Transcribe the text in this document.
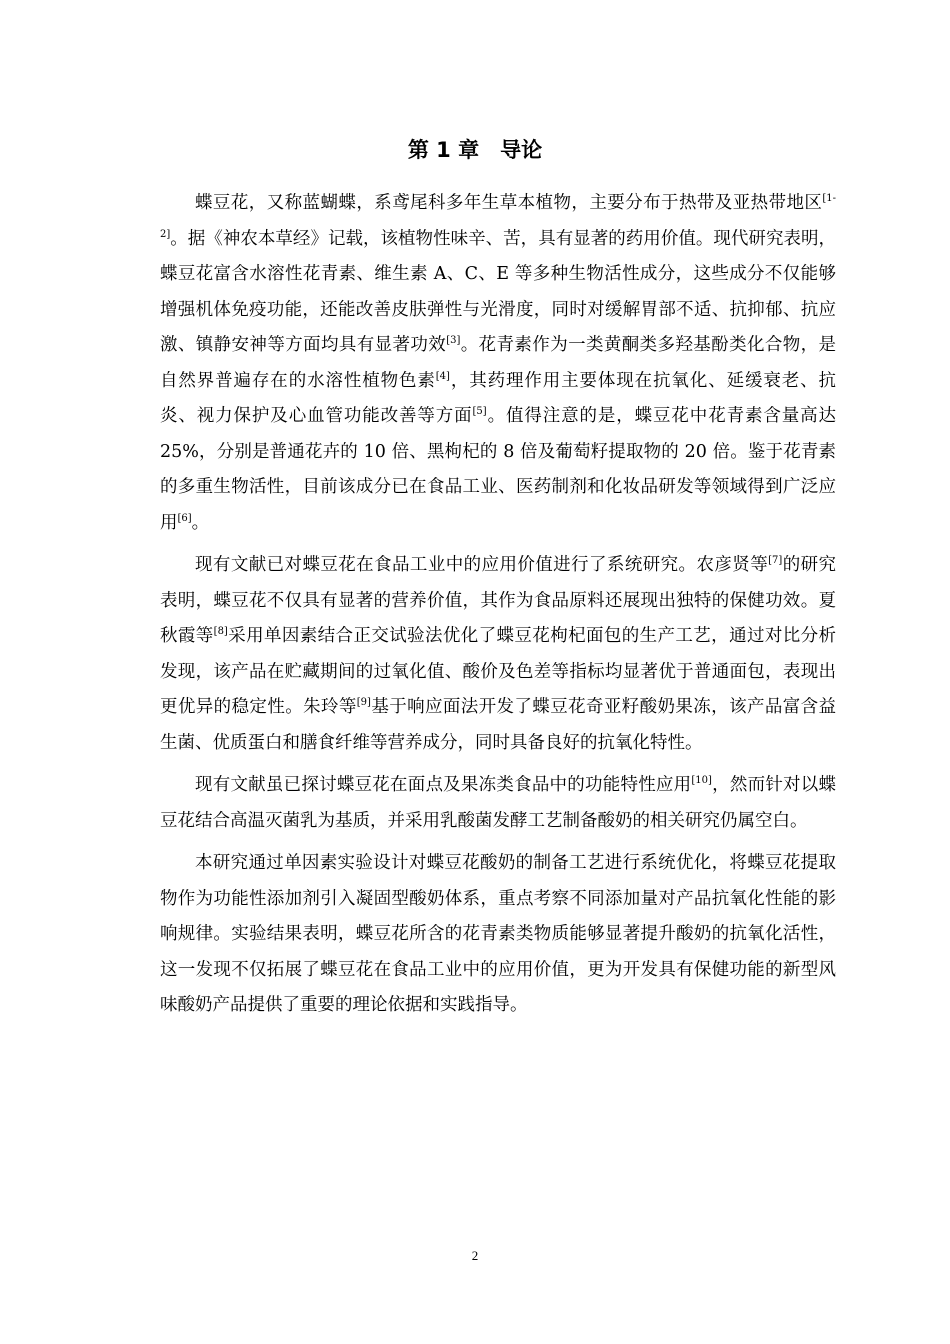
第 1 章　导论

蝶豆花，又称蓝蝴蝶，系鸢尾科多年生草本植物，主要分布于热带及亚热带地区[1- 2]。据《神农本草经》记载，该植物性味辛、苦，具有显著的药用价值。现代研究表明，蝶豆花富含水溶性花青素、维生素 A、C、E 等多种生物活性成分，这些成分不仅能够增强机体免疫功能，还能改善皮肤弹性与光滑度，同时对缓解胃部不适、抗抑郁、抗应激、镇静安神等方面均具有显著功效[3]。花青素作为一类黄酮类多羟基酚类化合物，是自然界普遍存在的水溶性植物色素[4]，其药理作用主要体现在抗氧化、延缓衰老、抗炎、视力保护及心血管功能改善等方面[5]。值得注意的是，蝶豆花中花青素含量高达 25%，分别是普通花卉的 10 倍、黑枸杞的 8 倍及葡萄籽提取物的 20 倍。鉴于花青素的多重生物活性，目前该成分已在食品工业、医药制剂和化妆品研发等领域得到广泛应用[6]。

现有文献已对蝶豆花在食品工业中的应用价值进行了系统研究。农彦贤等[7]的研究表明，蝶豆花不仅具有显著的营养价值，其作为食品原料还展现出独特的保健功效。夏秋霞等[8]采用单因素结合正交试验法优化了蝶豆花枸杞面包的生产工艺，通过对比分析发现，该产品在贮藏期间的过氧化值、酸价及色差等指标均显著优于普通面包，表现出更优异的稳定性。朱玲等[9]基于响应面法开发了蝶豆花奇亚籽酸奶果冻，该产品富含益生菌、优质蛋白和膳食纤维等营养成分，同时具备良好的抗氧化特性。

现有文献虽已探讨蝶豆花在面点及果冻类食品中的功能特性应用[10]，然而针对以蝶豆花结合高温灭菌乳为基质，并采用乳酸菌发酵工艺制备酸奶的相关研究仍属空白。

本研究通过单因素实验设计对蝶豆花酸奶的制备工艺进行系统优化，将蝶豆花提取物作为功能性添加剂引入凝固型酸奶体系，重点考察不同添加量对产品抗氧化性能的影响规律。实验结果表明，蝶豆花所含的花青素类物质能够显著提升酸奶的抗氧化活性，这一发现不仅拓展了蝶豆花在食品工业中的应用价值，更为开发具有保健功能的新型风味酸奶产品提供了重要的理论依据和实践指导。

2
